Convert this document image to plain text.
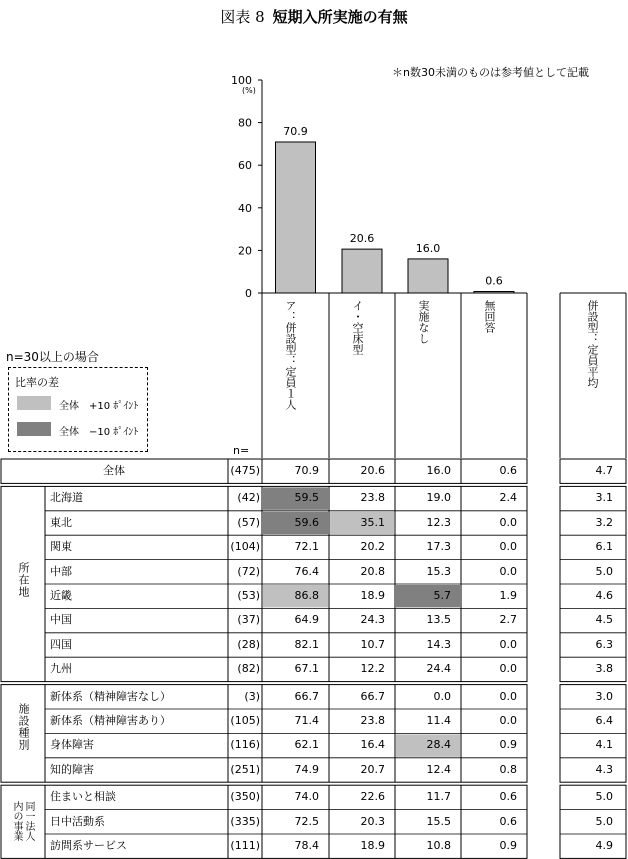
図表 8 短期入所実施の有無
＊n数30未満のものは参考値として記載
0
20
40
60
80
100
(%)
70.9
20.6
16.0
0.6
ア：併設型：定員１人	イ・空床型	実施なし	無回答	併設型：定員平均
n=30以上の場合
比率の差
全体　+10 ﾎﾟｲﾝﾄ
全体　−10 ﾎﾟｲﾝﾄ
n=
全体	(475)	70.9	20.6	16.0	0.6	4.7
所在地
北海道	(42)	59.5	23.8	19.0	2.4	3.1
東北	(57)	59.6	35.1	12.3	0.0	3.2
関東	(104)	72.1	20.2	17.3	0.0	6.1
中部	(72)	76.4	20.8	15.3	0.0	5.0
近畿	(53)	86.8	18.9	5.7	1.9	4.6
中国	(37)	64.9	24.3	13.5	2.7	4.5
四国	(28)	82.1	10.7	14.3	0.0	6.3
九州	(82)	67.1	12.2	24.4	0.0	3.8
施設種別
新体系（精神障害なし）	(3)	66.7	66.7	0.0	0.0	3.0
新体系（精神障害あり）	(105)	71.4	23.8	11.4	0.0	6.4
身体障害	(116)	62.1	16.4	28.4	0.9	4.1
知的障害	(251)	74.9	20.7	12.4	0.8	4.3
同一法人内の事業
住まいと相談	(350)	74.0	22.6	11.7	0.6	5.0
日中活動系	(335)	72.5	20.3	15.5	0.6	5.0
訪問系サービス	(111)	78.4	18.9	10.8	0.9	4.9
